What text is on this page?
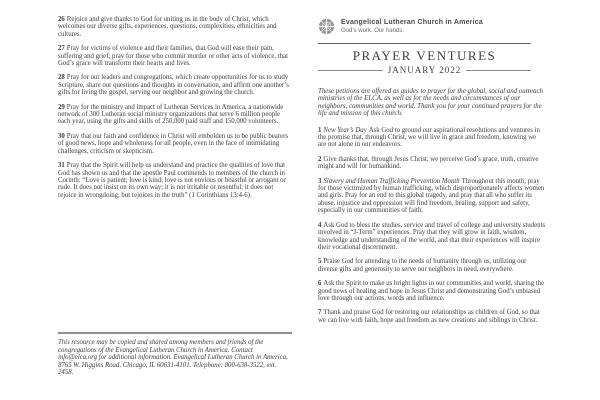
26 Rejoice and give thanks to God for uniting us in the body of Christ, which welcomes our diverse gifts, experiences, questions, complexities, ethnicities and cultures.

27 Pray for victims of violence and their families, that God will ease their pain, suffering and grief; pray for those who commit murder or other acts of violence, that God’s grace will transform their hearts and lives.

28 Pray for our leaders and congregations, which create opportunities for us to study Scripture, share our questions and thoughts in conversation, and affirm one another’s gifts for living the gospel, serving our neighbor and growing the church.

29 Pray for the ministry and impact of Lutheran Services in America, a nationwide network of 300 Lutheran social ministry organizations that serve 6 million people each year, using the gifts and skills of 250,000 paid staff and 150,000 volunteers.

30 Pray that our faith and confidence in Christ will embolden us to be public bearers of good news, hope and wholeness for all people, even in the face of intimidating challenges, criticism or skepticism.

31 Pray that the Spirit will help us understand and practice the qualities of love that God has shown us and that the apostle Paul commends to members of the church in Corinth: “Love is patient; love is kind; love is not envious or boastful or arrogant or rude. It does not insist on its own way; it is not irritable or resentful; it does not rejoice in wrongdoing, but rejoices in the truth” (1 Corinthians 13:4-6).

This resource may be copied and shared among members and friends of the congregations of the Evangelical Lutheran Church in America. Contact info@elca.org for additional information. Evangelical Lutheran Church in America, 8765 W. Higgins Road, Chicago, IL 60631-4101. Telephone: 800-638-3522, ext. 2458.

Evangelical Lutheran Church in America
God’s work. Our hands.
PRAYER VENTURES
JANUARY 2022

These petitions are offered as guides to prayer for the global, social and outreach ministries of the ELCA, as well as for the needs and circumstances of our neighbors, communities and world. Thank you for your continued prayers for the life and mission of this church.

1 New Year’s Day Ask God to ground our aspirational resolutions and ventures in the promise that, through Christ, we will live in grace and freedom, knowing we are not alone in our endeavors.

2 Give thanks that, through Jesus Christ, we perceive God’s grace, truth, creative might and will for humankind.

3 Slavery and Human Trafficking Prevention Month Throughout this month, pray for those victimized by human trafficking, which disproportionately affects women and girls. Pray for an end to this global tragedy, and pray that all who suffer its abuse, injustice and oppression will find freedom, healing, support and safety, especially in our communities of faith.

4 Ask God to bless the studies, service and travel of college and university students involved in “J-Term” experiences. Pray that they will grow in faith, wisdom, knowledge and understanding of the world, and that their experiences will inspire their vocational discernment.

5 Praise God for attending to the needs of humanity through us, utilizing our diverse gifts and generosity to serve our neighbors in need, everywhere.

6 Ask the Spirit to make us bright lights in our communities and world, sharing the good news of healing and hope in Jesus Christ and demonstrating God’s unbiased love through our actions, words and influence.

7 Thank and praise God for restoring our relationships as children of God, so that we can live with faith, hope and freedom as new creations and siblings in Christ.
